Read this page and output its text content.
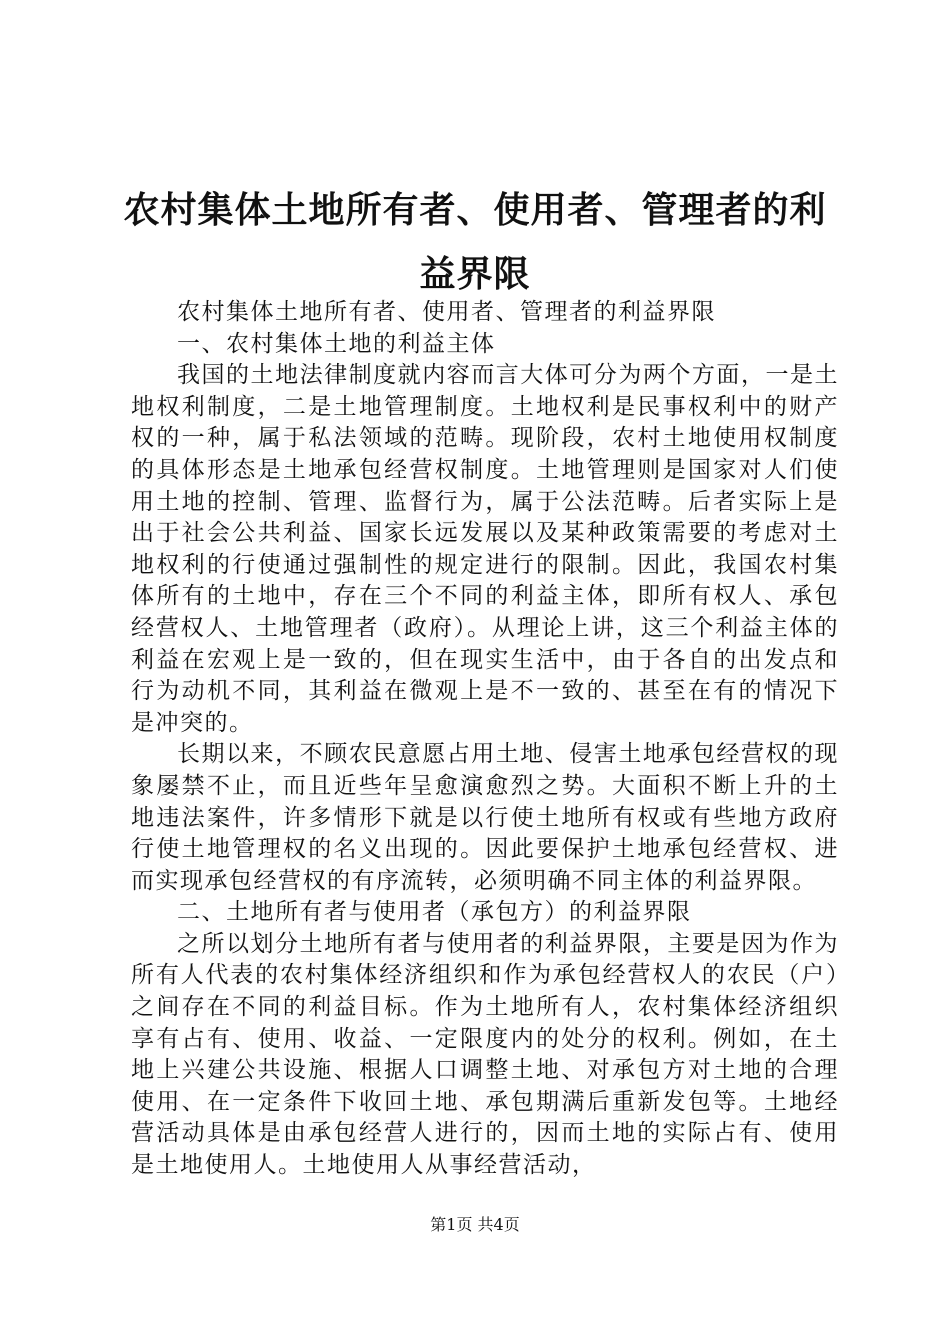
农村集体土地所有者、使用者、管理者的利益界限

农村集体土地所有者、使用者、管理者的利益界限

一、农村集体土地的利益主体

我国的土地法律制度就内容而言大体可分为两个方面，一是土地权利制度，二是土地管理制度。土地权利是民事权利中的财产权的一种，属于私法领域的范畴。现阶段，农村土地使用权制度的具体形态是土地承包经营权制度。土地管理则是国家对人们使用土地的控制、管理、监督行为，属于公法范畴。后者实际上是出于社会公共利益、国家长远发展以及某种政策需要的考虑对土地权利的行使通过强制性的规定进行的限制。因此，我国农村集体所有的土地中，存在三个不同的利益主体，即所有权人、承包经营权人、土地管理者（政府）。从理论上讲，这三个利益主体的利益在宏观上是一致的，但在现实生活中，由于各自的出发点和行为动机不同，其利益在微观上是不一致的、甚至在有的情况下是冲突的。

长期以来，不顾农民意愿占用土地、侵害土地承包经营权的现象屡禁不止，而且近些年呈愈演愈烈之势。大面积不断上升的土地违法案件，许多情形下就是以行使土地所有权或有些地方政府行使土地管理权的名义出现的。因此要保护土地承包经营权、进而实现承包经营权的有序流转，必须明确不同主体的利益界限。

二、土地所有者与使用者（承包方）的利益界限

之所以划分土地所有者与使用者的利益界限，主要是因为作为所有人代表的农村集体经济组织和作为承包经营权人的农民（户）之间存在不同的利益目标。作为土地所有人，农村集体经济组织享有占有、使用、收益、一定限度内的处分的权利。例如，在土地上兴建公共设施、根据人口调整土地、对承包方对土地的合理使用、在一定条件下收回土地、承包期满后重新发包等。土地经营活动具体是由承包经营人进行的，因而土地的实际占有、使用是土地使用人。土地使用人从事经营活动，

第1页 共4页
